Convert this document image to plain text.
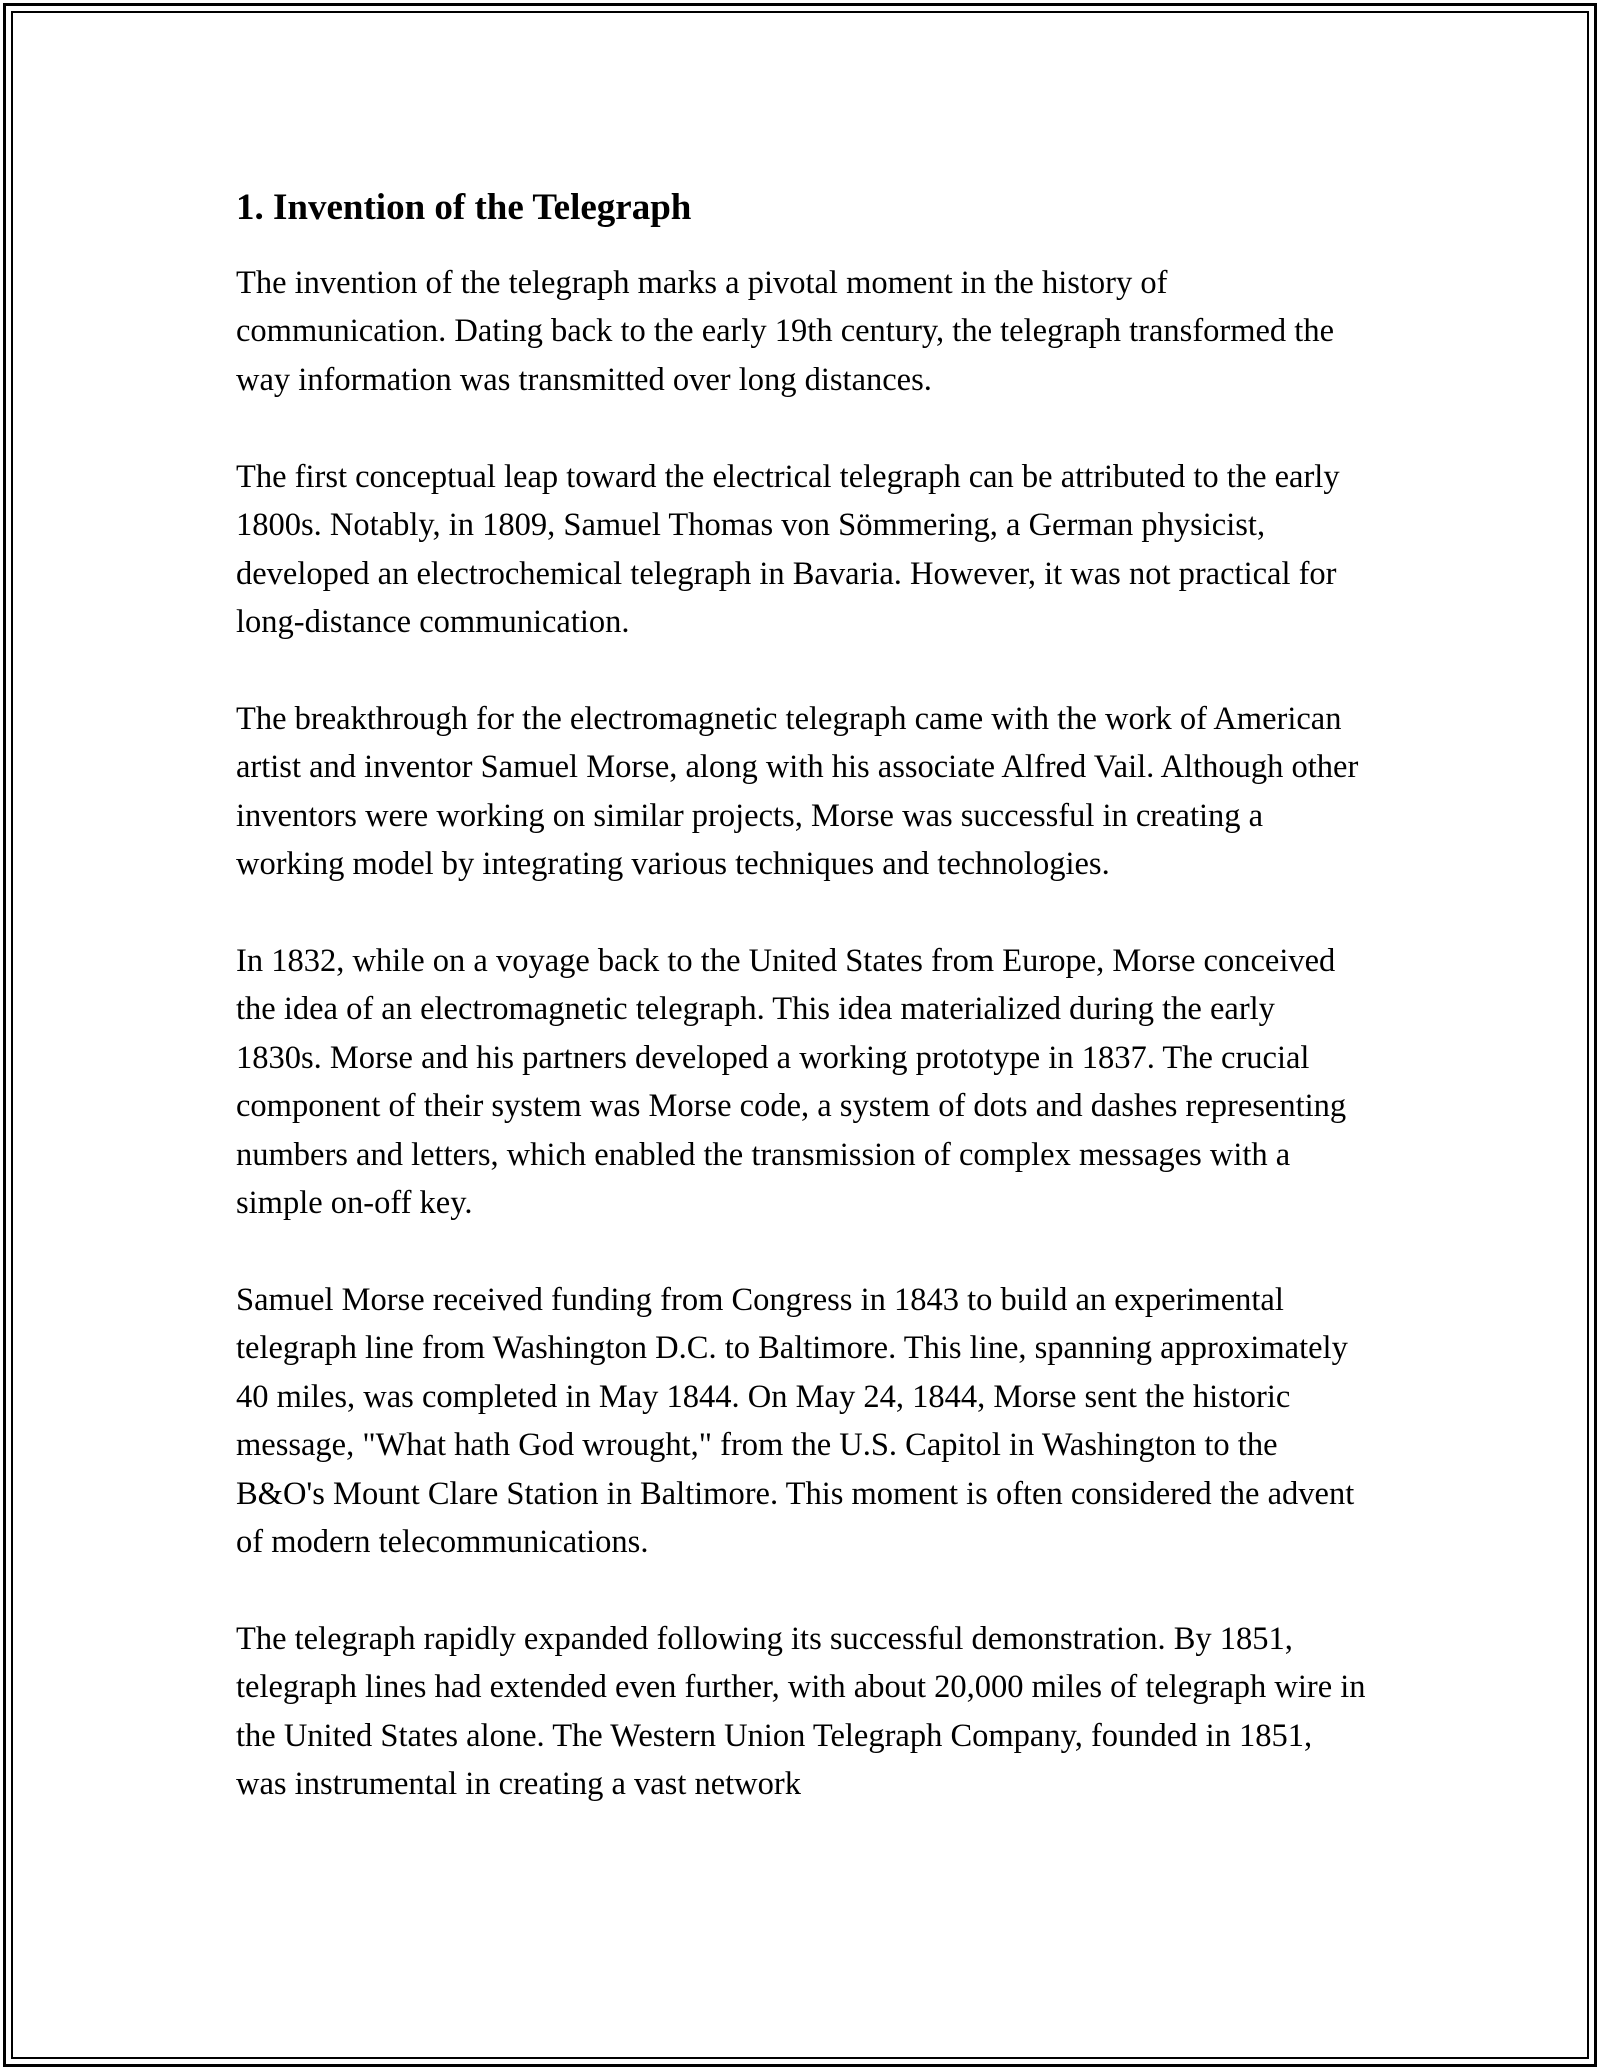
1. Invention of the Telegraph

The invention of the telegraph marks a pivotal moment in the history of communication. Dating back to the early 19th century, the telegraph transformed the way information was transmitted over long distances.

The first conceptual leap toward the electrical telegraph can be attributed to the early 1800s. Notably, in 1809, Samuel Thomas von Sömmering, a German physicist, developed an electrochemical telegraph in Bavaria. However, it was not practical for long-distance communication.

The breakthrough for the electromagnetic telegraph came with the work of American artist and inventor Samuel Morse, along with his associate Alfred Vail. Although other inventors were working on similar projects, Morse was successful in creating a working model by integrating various techniques and technologies.

In 1832, while on a voyage back to the United States from Europe, Morse conceived the idea of an electromagnetic telegraph. This idea materialized during the early 1830s. Morse and his partners developed a working prototype in 1837. The crucial component of their system was Morse code, a system of dots and dashes representing numbers and letters, which enabled the transmission of complex messages with a simple on-off key.

Samuel Morse received funding from Congress in 1843 to build an experimental telegraph line from Washington D.C. to Baltimore. This line, spanning approximately 40 miles, was completed in May 1844. On May 24, 1844, Morse sent the historic message, "What hath God wrought," from the U.S. Capitol in Washington to the B&O's Mount Clare Station in Baltimore. This moment is often considered the advent of modern telecommunications.

The telegraph rapidly expanded following its successful demonstration. By 1851, telegraph lines had extended even further, with about 20,000 miles of telegraph wire in the United States alone. The Western Union Telegraph Company, founded in 1851, was instrumental in creating a vast network
